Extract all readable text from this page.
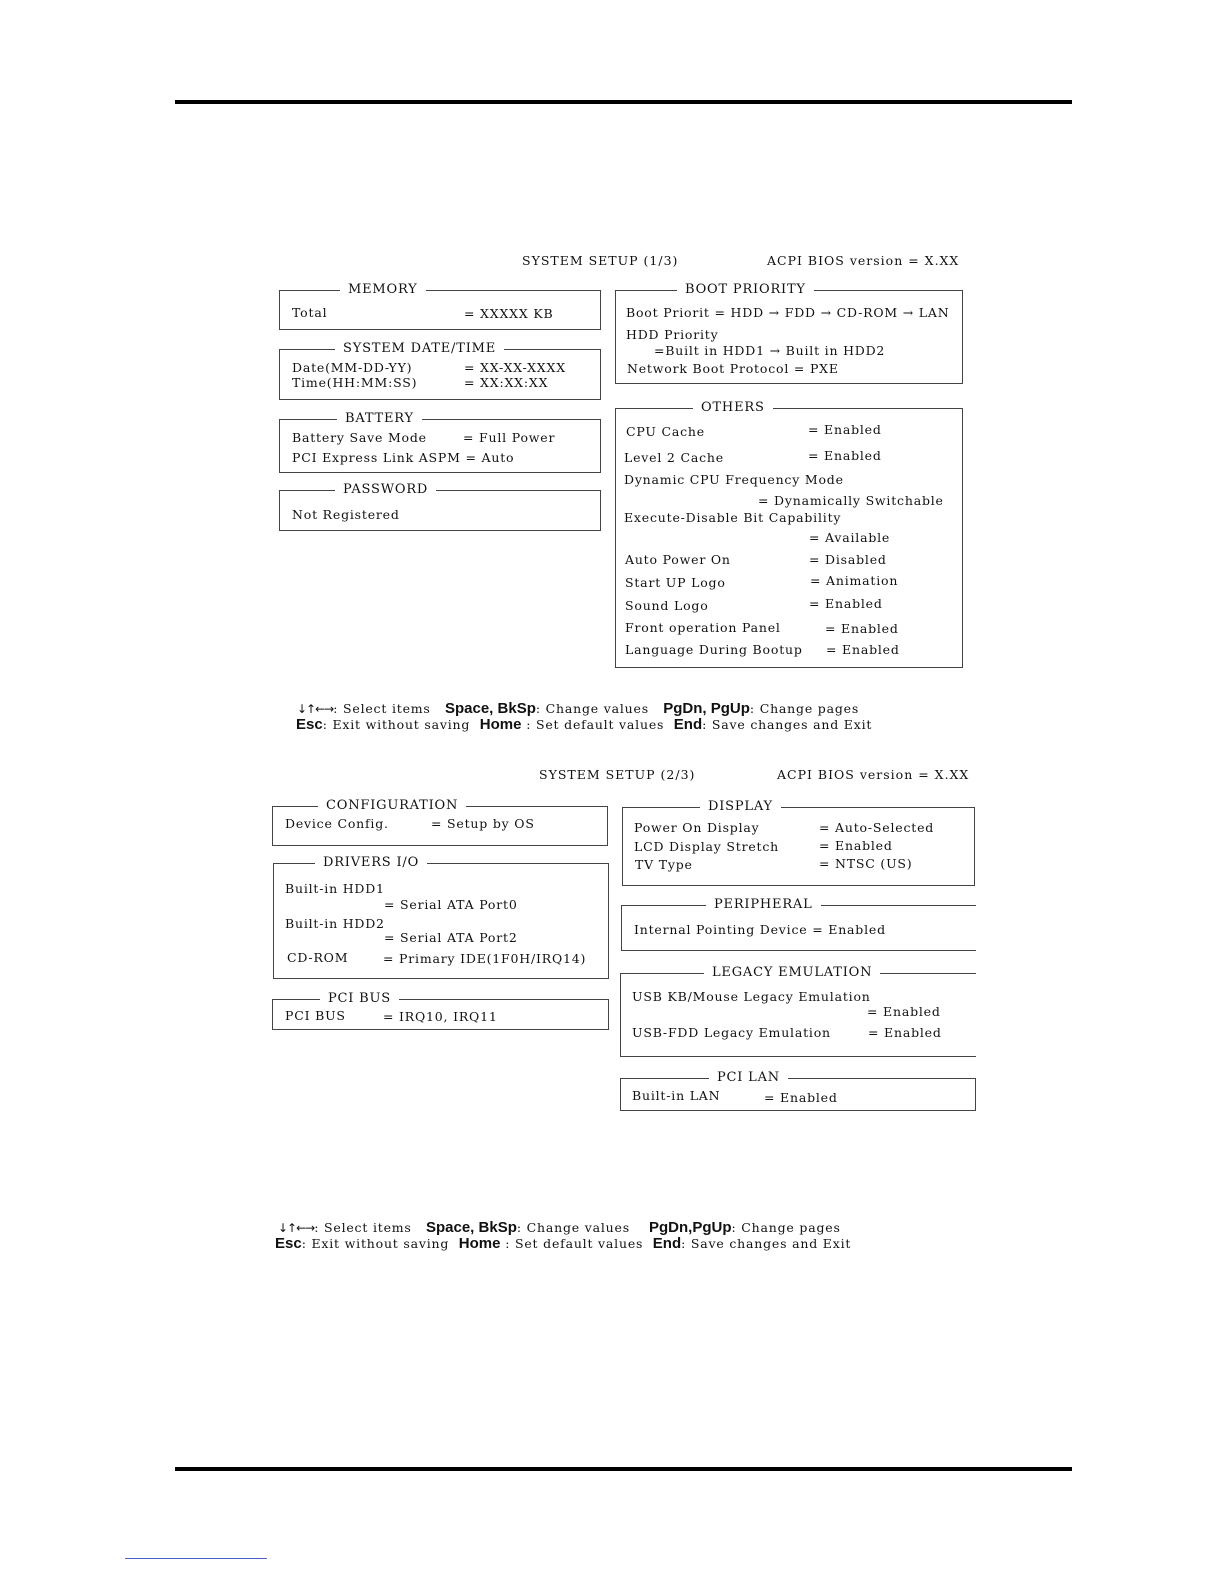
SYSTEM SETUP (1/3)	ACPI BIOS version = X.XX
MEMORY
Total	= XXXXX KB
SYSTEM DATE/TIME
Date(MM-DD-YY)	= XX-XX-XXXX
Time(HH:MM:SS)	= XX:XX:XX
BATTERY
Battery Save Mode	= Full Power
PCI Express Link ASPM = Auto
PASSWORD
Not Registered
BOOT PRIORITY
Boot Priorit = HDD → FDD → CD-ROM → LAN
HDD Priority
=Built in HDD1 → Built in HDD2
Network Boot Protocol = PXE
OTHERS
CPU Cache	= Enabled
Level 2 Cache	= Enabled
Dynamic CPU Frequency Mode
= Dynamically Switchable
Execute-Disable Bit Capability
= Available
Auto Power On	= Disabled
Start UP Logo	= Animation
Sound Logo	= Enabled
Front operation Panel	= Enabled
Language During Bootup = Enabled
↓↑←→: Select items Space, BkSp: Change values PgDn, PgUp: Change pages
Esc: Exit without saving Home : Set default values End: Save changes and Exit
SYSTEM SETUP (2/3)	ACPI BIOS version = X.XX
CONFIGURATION
Device Config.	= Setup by OS
DRIVERS I/O
Built-in HDD1
= Serial ATA Port0
Built-in HDD2
= Serial ATA Port2
CD-ROM	= Primary IDE(1F0H/IRQ14)
PCI BUS
PCI BUS	= IRQ10, IRQ11
DISPLAY
Power On Display	= Auto-Selected
LCD Display Stretch	= Enabled
TV Type	= NTSC (US)
PERIPHERAL
Internal Pointing Device = Enabled
LEGACY EMULATION
USB KB/Mouse Legacy Emulation
= Enabled
USB-FDD Legacy Emulation	= Enabled
PCI LAN
Built-in LAN	= Enabled
↓↑←→: Select items Space, BkSp: Change values PgDn,PgUp: Change pages
Esc: Exit without saving Home : Set default values End: Save changes and Exit
